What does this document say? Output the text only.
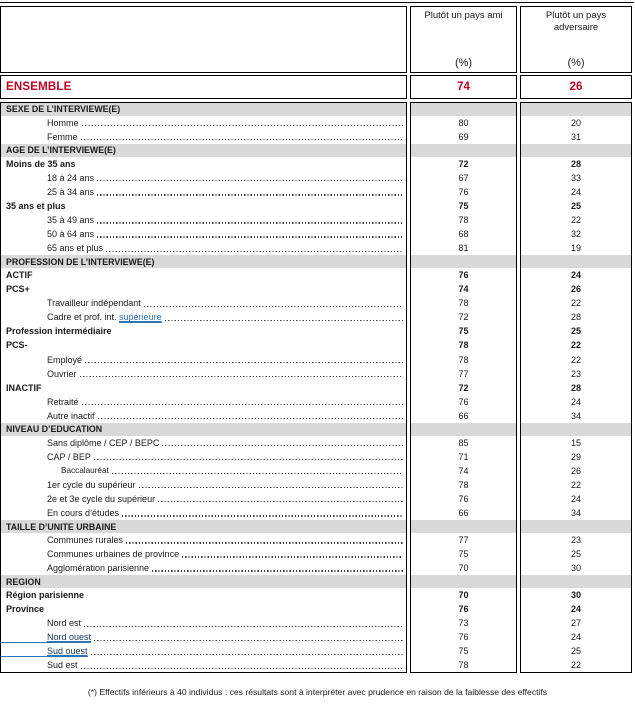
Plutôt un pays ami
(%)
Plutôt un pays adversaire
(%)
ENSEMBLE	74	26
SEXE DE L’INTERVIEWE(E)
Homme
Femme
AGE DE L’INTERVIEWE(E)
Moins de 35 ans
18 à 24 ans
25 à 34 ans
35 ans et plus
35 à 49 ans
50 à 64 ans
65 ans et plus
PROFESSION DE L’INTERVIEWE(E)
ACTIF
PCS+
Travailleur indépendant
Cadre et prof. int. supérieure
Profession intermédiaire
PCS-
Employé
Ouvrier
INACTIF
Retraité
Autre inactif
NIVEAU D’EDUCATION
Sans diplôme / CEP / BEPC
CAP / BEP
Baccalauréat
1er cycle du supérieur
2e et 3e cycle du supérieur
En cours d’études
TAILLE D’UNITE URBAINE
Communes rurales
Communes urbaines de province
Agglomération parisienne
REGION
Région parisienne
Province
Nord est
Nord ouest
Sud ouest
Sud est
80
69
72
67
76
75
78
68
81
76
74
78
72
75
78
78
77
72
76
66
85
71
74
78
76
66
77
75
70
70
76
73
76
75
78
20
31
28
33
24
25
22
32
19
24
26
22
28
25
22
22
23
28
24
34
15
29
26
22
24
34
23
25
30
30
24
27
24
25
22
(*) Effectifs inférieurs à 40 individus : ces résultats sont à interpréter avec prudence en raison de la faiblesse des effectifs
